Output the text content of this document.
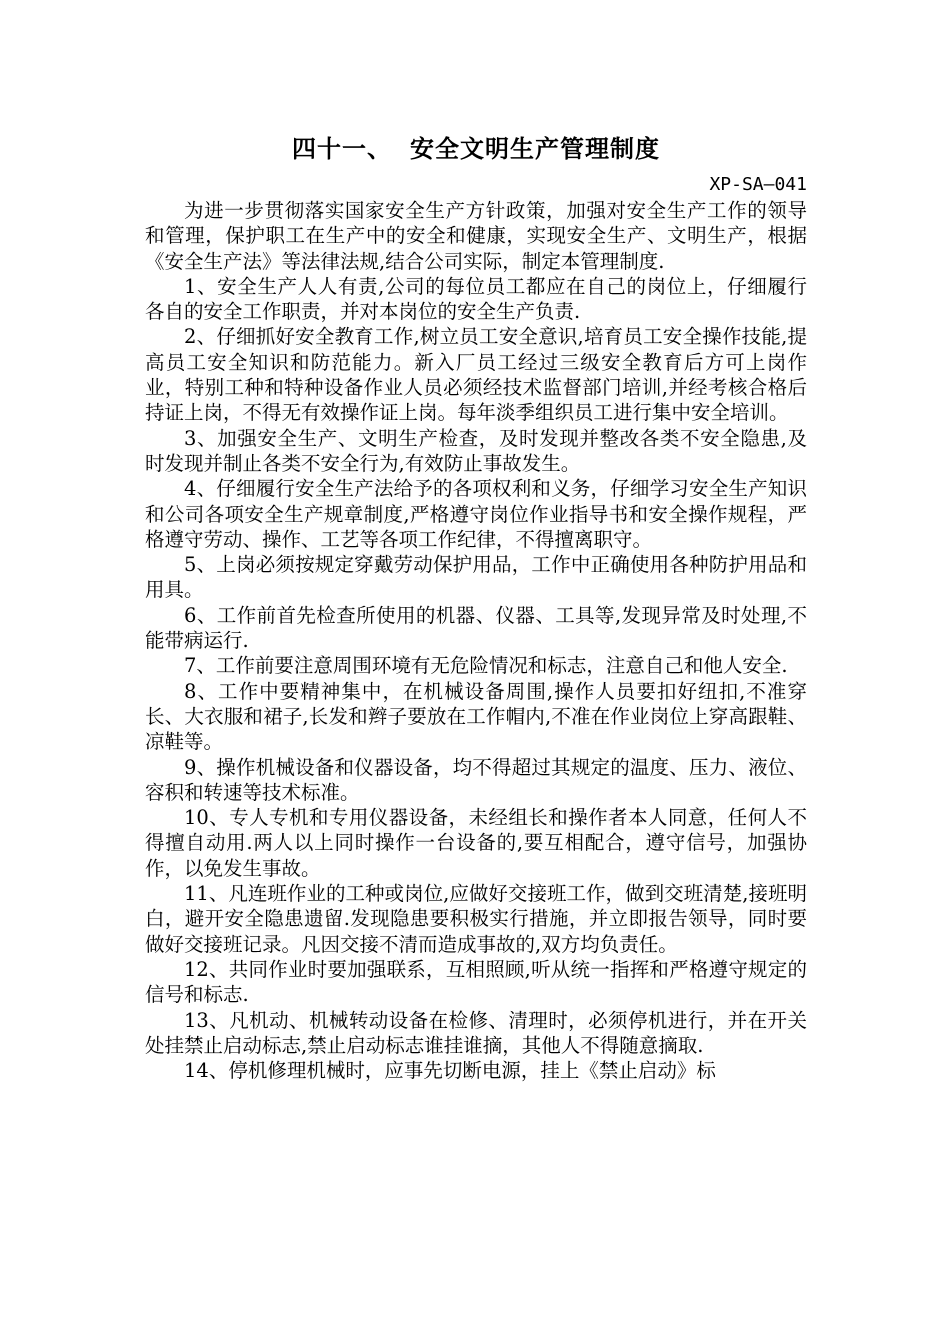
四十一、 安全文明生产管理制度
XP-SA—041

为进一步贯彻落实国家安全生产方针政策，加强对安全生产工作的领导和管理，保护职工在生产中的安全和健康，实现安全生产、文明生产，根据《安全生产法》等法律法规,结合公司实际，制定本管理制度.

1、安全生产人人有责,公司的每位员工都应在自己的岗位上，仔细履行各自的安全工作职责，并对本岗位的安全生产负责.

2、仔细抓好安全教育工作,树立员工安全意识,培育员工安全操作技能,提高员工安全知识和防范能力。新入厂员工经过三级安全教育后方可上岗作业，特别工种和特种设备作业人员必须经技术监督部门培训,并经考核合格后持证上岗，不得无有效操作证上岗。每年淡季组织员工进行集中安全培训。

3、加强安全生产、文明生产检查，及时发现并整改各类不安全隐患,及时发现并制止各类不安全行为,有效防止事故发生。

4、仔细履行安全生产法给予的各项权利和义务，仔细学习安全生产知识和公司各项安全生产规章制度,严格遵守岗位作业指导书和安全操作规程，严格遵守劳动、操作、工艺等各项工作纪律，不得擅离职守。

5、上岗必须按规定穿戴劳动保护用品，工作中正确使用各种防护用品和用具。

6、工作前首先检查所使用的机器、仪器、工具等,发现异常及时处理,不能带病运行.

7、工作前要注意周围环境有无危险情况和标志，注意自己和他人安全.

8、工作中要精神集中，在机械设备周围,操作人员要扣好纽扣,不准穿长、大衣服和裙子,长发和辫子要放在工作帽内,不准在作业岗位上穿高跟鞋、凉鞋等。

9、操作机械设备和仪器设备，均不得超过其规定的温度、压力、液位、容积和转速等技术标准。

10、专人专机和专用仪器设备，未经组长和操作者本人同意，任何人不得擅自动用.两人以上同时操作一台设备的,要互相配合，遵守信号，加强协作，以免发生事故。

11、凡连班作业的工种或岗位,应做好交接班工作，做到交班清楚,接班明白，避开安全隐患遗留.发现隐患要积极实行措施，并立即报告领导，同时要做好交接班记录。凡因交接不清而造成事故的,双方均负责任。

12、共同作业时要加强联系，互相照顾,听从统一指挥和严格遵守规定的信号和标志.

13、凡机动、机械转动设备在检修、清理时，必须停机进行，并在开关处挂禁止启动标志,禁止启动标志谁挂谁摘，其他人不得随意摘取.

14、停机修理机械时，应事先切断电源，挂上《禁止启动》标
